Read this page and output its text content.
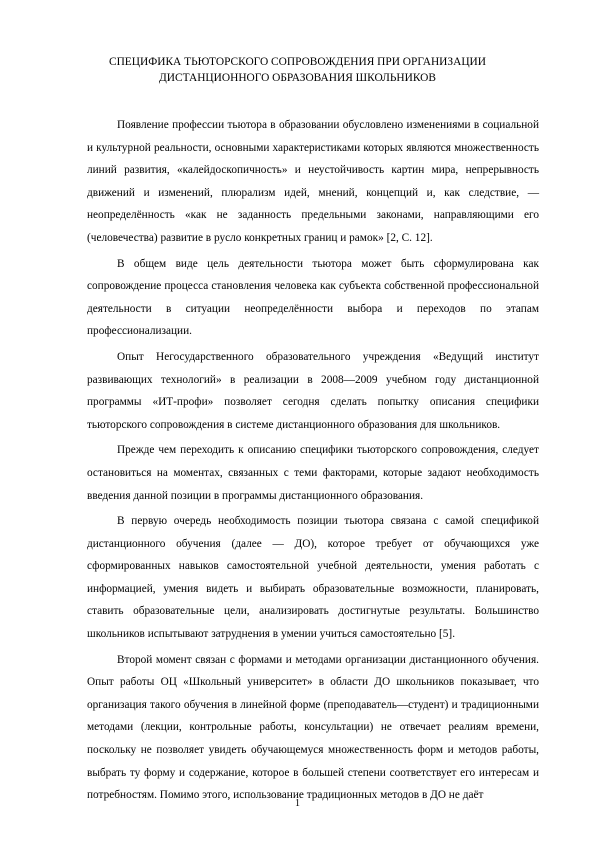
СПЕЦИФИКА ТЬЮТОРСКОГО СОПРОВОЖДЕНИЯ ПРИ ОРГАНИЗАЦИИ
ДИСТАНЦИОННОГО ОБРАЗОВАНИЯ ШКОЛЬНИКОВ

Появление профессии тьютора в образовании обусловлено изменениями в социальной и культурной реальности, основными характеристиками которых являются множественность линий развития, «калейдоскопичность» и неустойчивость картин мира, непрерывность движений и изменений, плюрализм идей, мнений, концепций и, как следствие, — неопределённость «как не заданность предельными законами, направляющими его (человечества) развитие в русло конкретных границ и рамок» [2, С. 12].

В общем виде цель деятельности тьютора может быть сформулирована как сопровождение процесса становления человека как субъекта собственной профессиональной деятельности в ситуации неопределённости выбора и переходов по этапам профессионализации.

Опыт Негосударственного образовательного учреждения «Ведущий институт развивающих технологий» в реализации в 2008—2009 учебном году дистанционной программы «ИТ-профи» позволяет сегодня сделать попытку описания специфики тьюторского сопровождения в системе дистанционного образования для школьников.

Прежде чем переходить к описанию специфики тьюторского сопровождения, следует остановиться на моментах, связанных с теми факторами, которые задают необходимость введения данной позиции в программы дистанционного образования.

В первую очередь необходимость позиции тьютора связана с самой спецификой дистанционного обучения (далее — ДО), которое требует от обучающихся уже сформированных навыков самостоятельной учебной деятельности, умения работать с информацией, умения видеть и выбирать образовательные возможности, планировать, ставить образовательные цели, анализировать достигнутые результаты. Большинство школьников испытывают затруднения в умении учиться самостоятельно [5].

Второй момент связан с формами и методами организации дистанционного обучения. Опыт работы ОЦ «Школьный университет» в области ДО школьников показывает, что организация такого обучения в линейной форме (преподаватель—студент) и традиционными методами (лекции, контрольные работы, консультации) не отвечает реалиям времени, поскольку не позволяет увидеть обучающемуся множественность форм и методов работы, выбрать ту форму и содержание, которое в большей степени соответствует его интересам и потребностям. Помимо этого, использование традиционных методов в ДО не даёт

1
